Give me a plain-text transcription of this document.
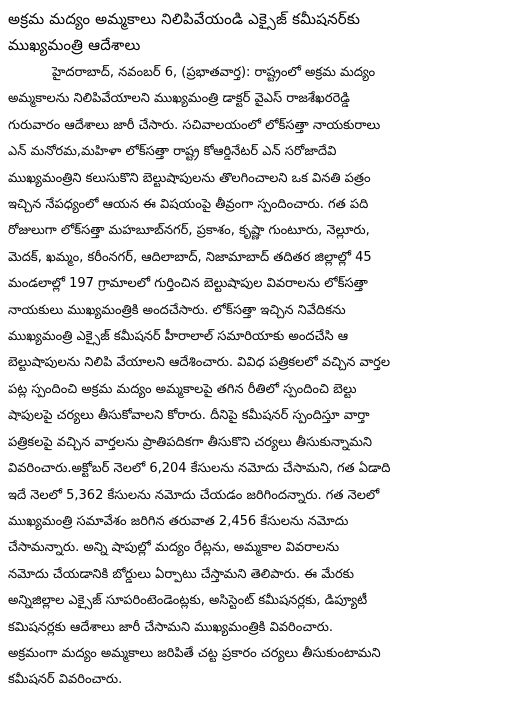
అక్రమ మద్యం అమ్మకాలు నిలిపివేయండి ఎక్సైజ్ కమీషనర్‌కు
ముఖ్యమంత్రి ఆదేశాలు
హైదరాబాద్, నవంబర్ 6, (ప్రభాతవార్త): రాష్ట్రంలో అక్రమ మద్యం
అమ్మకాలను నిలిపివేయాలని ముఖ్యమంత్రి డాక్టర్ వైఎస్ రాజశేఖరరెడ్డి
గురువారం ఆదేశాలు జారీ చేసారు. సచివాలయంలో లోక్‌సత్తా నాయకురాలు
ఎన్ మనోరమ,మహిళా లోక్‌సత్తా రాష్ట్ర కోఆర్డినేటర్ ఎన్ సరోజాదేవి
ముఖ్యమంత్రిని కలుసుకొని బెల్టుషాపులను తొలగించాలని ఒక వినతి పత్రం
ఇచ్చిన నేపధ్యంలో ఆయన ఈ విషయంపై తీవ్రంగా స్పందించారు. గత పది
రోజులుగా లోక్‌సత్తా మహబూబ్‌నగర్, ప్రకాశం, కృష్ణా గుంటూరు, నెల్లూరు,
మెదక్, ఖమ్మం, కరీంనగర్, ఆదిలాబాద్, నిజామాబాద్ తదితర జిల్లాల్లో 45
మండలాల్లో 197 గ్రామాలలో గుర్తించిన బెల్టుషాపుల వివరాలను లోక్‌సత్తా
నాయకులు ముఖ్యమంత్రికి అందచేసారు. లోక్‌సత్తా ఇచ్చిన నివేదికను
ముఖ్యమంత్రి ఎక్సైజ్ కమీషనర్ హీరాలాల్ సమారియాకు అందచేసి ఆ
బెల్టుషాపులను నిలిపి వేయాలని ఆదేశించారు. వివిధ పత్రికలలో వచ్చిన వార్తల
పట్ల స్పందించి అక్రమ మద్యం అమ్మకాలపై తగిన రీతిలో స్పందించి బెల్టు
షాపులపై చర్యలు తీసుకోవాలని కోరారు. దీనిపై కమీషనర్ స్పందిస్తూ వార్తా
పత్రికలపై వచ్చిన వార్తలను ప్రాతిపదికగా తీసుకొని చర్యలు తీసుకున్నామని
వివరించారు.అక్టోబర్ నెలలో 6,204 కేసులను నమోదు చేసామని, గత ఏడాది
ఇదే నెలలో 5,362 కేసులను నమోదు చేయడం జరిగిందన్నారు. గత నెలలో
ముఖ్యమంత్రి సమావేశం జరిగిన తరువాత 2,456 కేసులను నమోదు
చేసామన్నారు. అన్ని షాపుల్లో మద్యం రేట్లను, అమ్మకాల వివరాలను
నమోదు చేయడానికి బోర్డులు ఏర్పాటు చేస్తామని తెలిపారు. ఈ మేరకు
అన్నిజిల్లాల ఎక్సైజ్ సూపరింటెండెంట్లకు, అసిస్టెంట్ కమీషనర్లకు, డిప్యూటీ
కమిషనర్లకు ఆదేశాలు జారీ చేసామని ముఖ్యమంత్రికి వివరించారు.
అక్రమంగా మద్యం అమ్మకాలు జరిపితే చట్ట ప్రకారం చర్యలు తీసుకుంటామని
కమీషనర్ వివరించారు.
